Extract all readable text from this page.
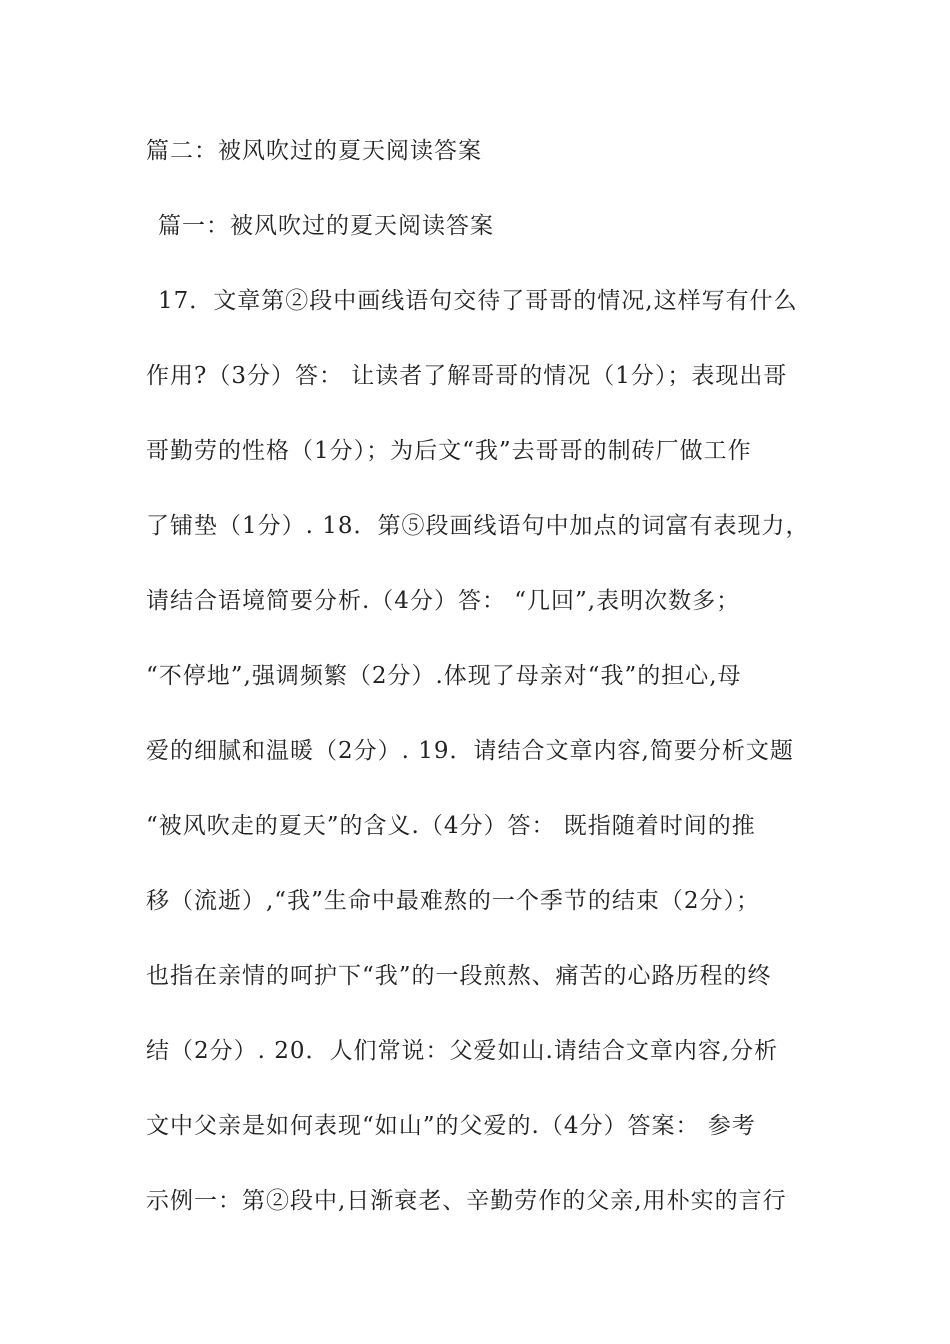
篇二：被风吹过的夏天阅读答案
篇一：被风吹过的夏天阅读答案
17．文章第②段中画线语句交待了哥哥的情况,这样写有什么
作用?（3分）答： 让读者了解哥哥的情况（1分）；表现出哥
哥勤劳的性格（1分）；为后文“我”去哥哥的制砖厂做工作
了铺垫（1分）. 18．第⑤段画线语句中加点的词富有表现力，
请结合语境简要分析.（4分）答： “几回”,表明次数多；
“不停地”,强调频繁（2分）.体现了母亲对“我”的担心,母
爱的细腻和温暖（2分）. 19．请结合文章内容,简要分析文题
“被风吹走的夏天”的含义.（4分）答： 既指随着时间的推
移（流逝）,“我”生命中最难熬的一个季节的结束（2分）；
也指在亲情的呵护下“我”的一段煎熬、痛苦的心路历程的终
结（2分）. 20．人们常说：父爱如山.请结合文章内容,分析
文中父亲是如何表现“如山”的父爱的.（4分）答案： 参考
示例一：第②段中,日渐衰老、辛勤劳作的父亲,用朴实的言行
